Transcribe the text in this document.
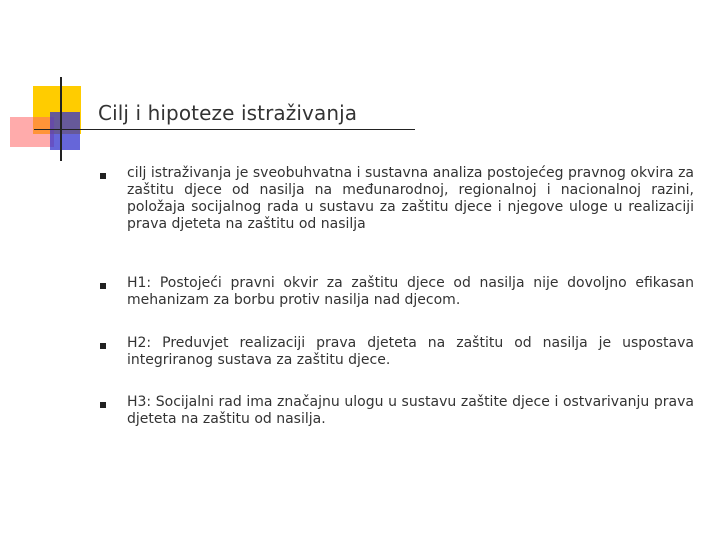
Cilj i hipoteze istraživanja
cilj istraživanja je sveobuhvatna i sustavna analiza postojećeg pravnog okvira za zaštitu djece od nasilja na međunarodnoj, regionalnoj i nacionalnoj razini, položaja socijalnog rada u sustavu za zaštitu djece i njegove uloge u realizaciji prava djeteta na zaštitu od nasilja
H1: Postojeći pravni okvir za zaštitu djece od nasilja nije dovoljno efikasan mehanizam za borbu protiv nasilja nad djecom.
H2: Preduvjet realizaciji prava djeteta na zaštitu od nasilja je uspostava integriranog sustava za zaštitu djece.
H3: Socijalni rad ima značajnu ulogu u sustavu zaštite djece i ostvarivanju prava djeteta na zaštitu od nasilja.
